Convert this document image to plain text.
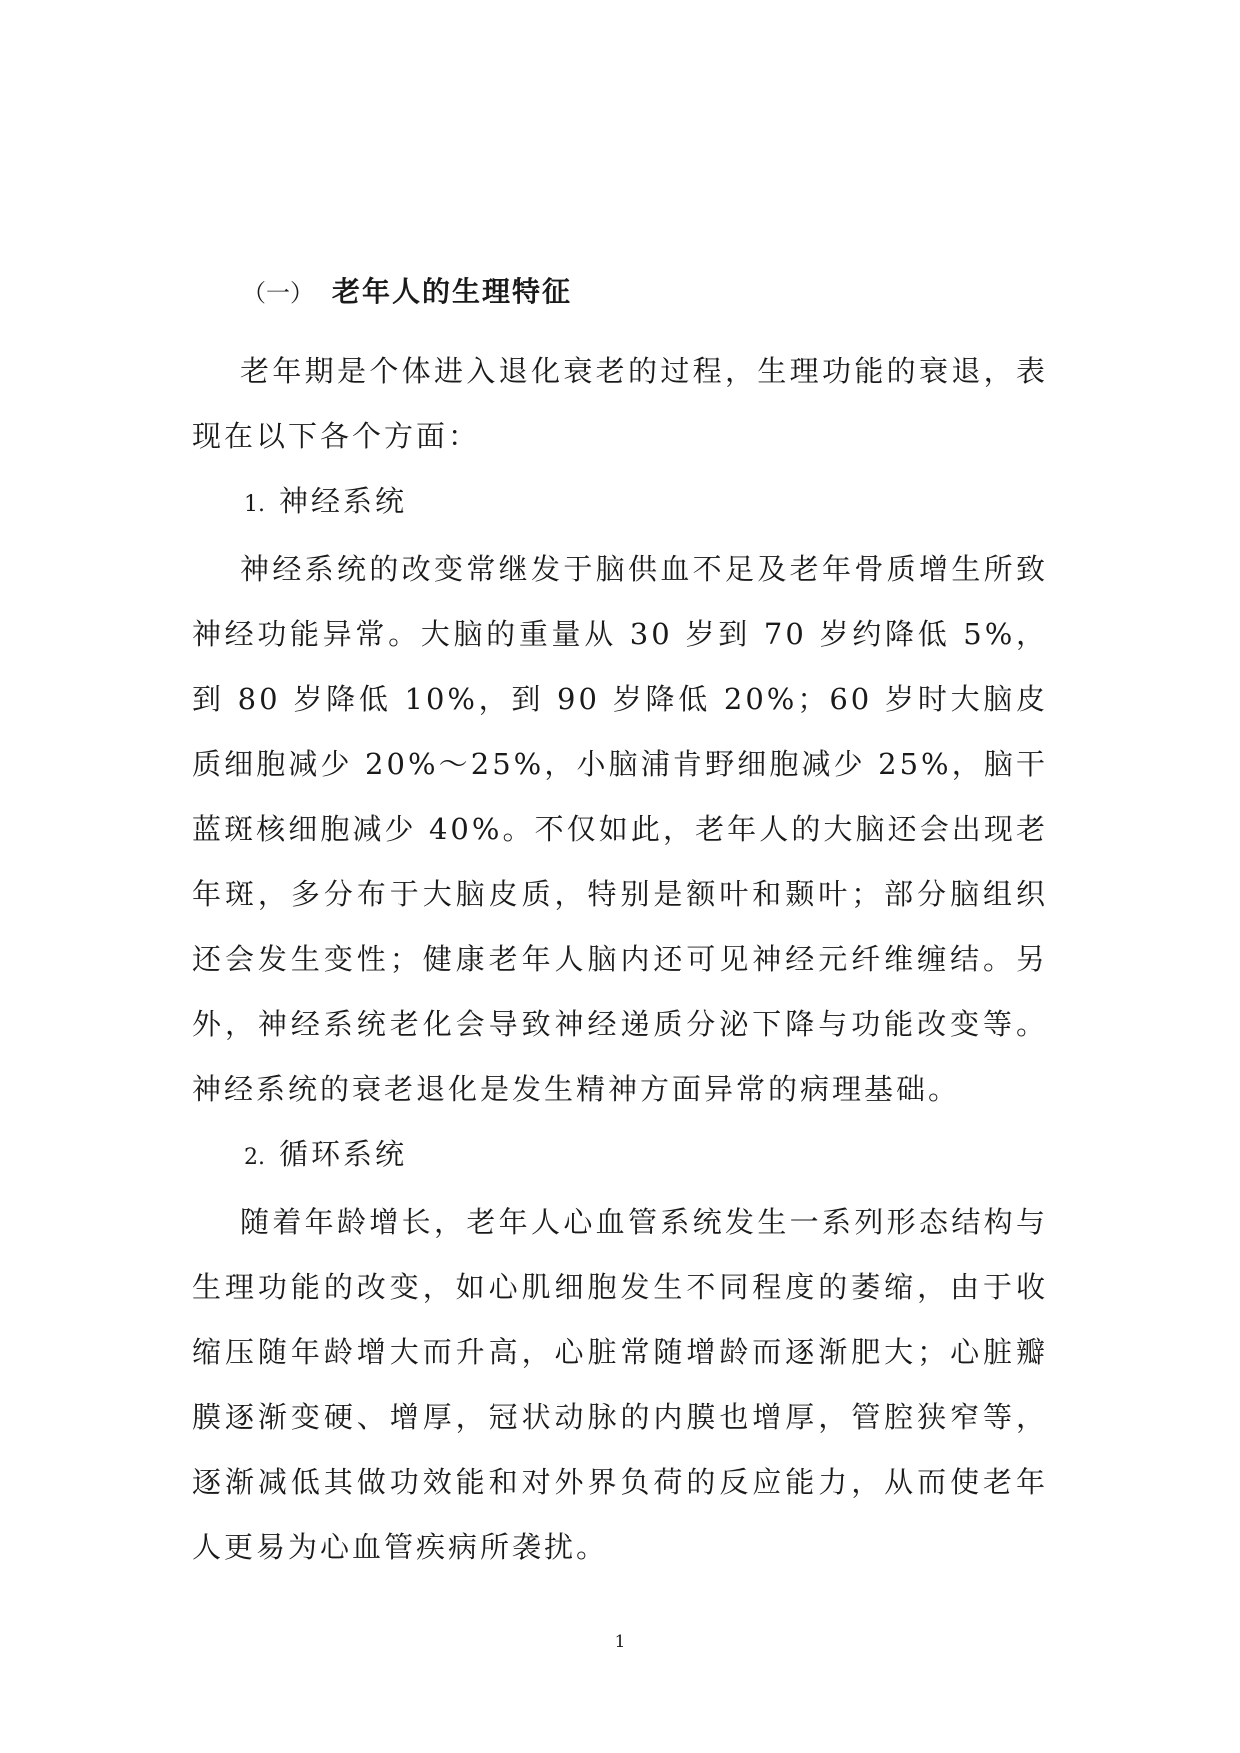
（一） 老年人的生理特征

老年期是个体进入退化衰老的过程，生理功能的衰退，表现在以下各个方面：

1. 神经系统

神经系统的改变常继发于脑供血不足及老年骨质增生所致神经功能异常。大脑的重量从 30 岁到 70 岁约降低 5%，到 80 岁降低 10%，到 90 岁降低 20%；60 岁时大脑皮质细胞减少 20%～25%，小脑浦肯野细胞减少 25%，脑干蓝斑核细胞减少 40%。不仅如此，老年人的大脑还会出现老年斑，多分布于大脑皮质，特别是额叶和颞叶；部分脑组织还会发生变性；健康老年人脑内还可见神经元纤维缠结。另外，神经系统老化会导致神经递质分泌下降与功能改变等。神经系统的衰老退化是发生精神方面异常的病理基础。

2. 循环系统

随着年龄增长，老年人心血管系统发生一系列形态结构与生理功能的改变，如心肌细胞发生不同程度的萎缩，由于收缩压随年龄增大而升高，心脏常随增龄而逐渐肥大；心脏瓣膜逐渐变硬、增厚，冠状动脉的内膜也增厚，管腔狭窄等，逐渐减低其做功效能和对外界负荷的反应能力，从而使老年人更易为心血管疾病所袭扰。

1
